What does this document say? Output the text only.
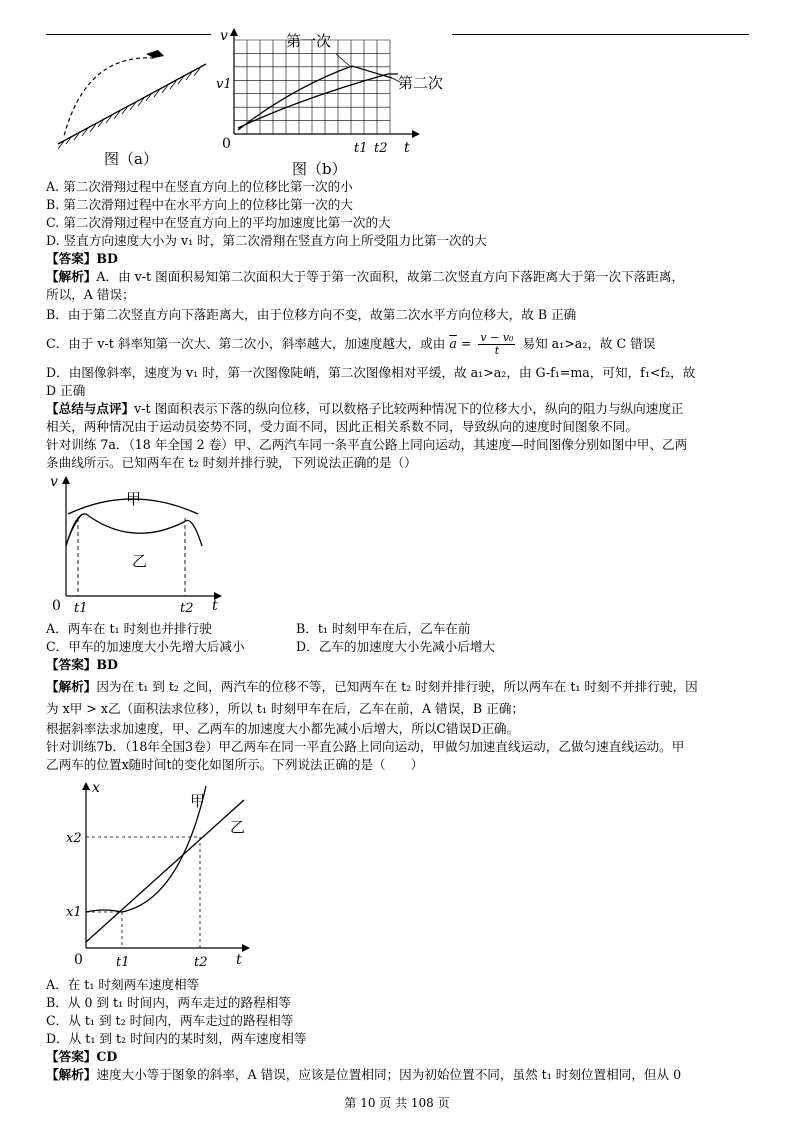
图（a）
v
v1
0	t1 t2 t
第一次
第二次
图（b）
A. 第二次滑翔过程中在竖直方向上的位移比第一次的小
B. 第二次滑翔过程中在水平方向上的位移比第一次的大
C. 第二次滑翔过程中在竖直方向上的平均加速度比第一次的大
D. 竖直方向速度大小为 v₁ 时，第二次滑翔在竖直方向上所受阻力比第一次的大
【答案】BD
【解析】A．由 v-t 图面积易知第二次面积大于等于第一次面积，故第二次竖直方向下落距离大于第一次下落距离，
所以，A 错误；
B．由于第二次竖直方向下落距离大，由于位移方向不变，故第二次水平方向位移大，故 B 正确
C．由于 v-t 斜率知第一次大、第二次小，斜率越大，加速度越大，或由 $\overline{a} = \frac{\text{v − v₀}}{t}$ 易知 a₁>a₂，故 C 错误
D．由图像斜率，速度为 v₁ 时，第一次图像陡峭，第二次图像相对平缓，故 a₁>a₂，由 G-f₁=ma，可知，f₁<f₂，故
D 正确
【总结与点评】v-t 图面积表示下落的纵向位移，可以数格子比较两种情况下的位移大小，纵向的阻力与纵向速度正
相关，两种情况由于运动员姿势不同，受力面不同，因此正相关系数不同，导致纵向的速度时间图象不同。
针对训练 7a．（18 年全国 2 卷）甲、乙两汽车同一条平直公路上同向运动，其速度—时间图像分别如图中甲、乙两
条曲线所示。已知两车在 t₂ 时刻并排行驶，下列说法正确的是（）
v
0 t1	t2 t
甲
乙
A．两车在 t₁ 时刻也并排行驶	B．t₁ 时刻甲车在后，乙车在前
C．甲车的加速度大小先增大后减小	D．乙车的加速度大小先减小后增大
【答案】BD
【解析】因为在 t₁ 到 t₂ 之间，两汽车的位移不等，已知两车在 t₂ 时刻并排行驶，所以两车在 t₁ 时刻不并排行驶，因
为 x甲 > x乙（面积法求位移），所以 t₁ 时刻甲车在后，乙车在前，A 错误，B 正确；
根据斜率法求加速度，甲、乙两车的加速度大小都先减小后增大，所以C错误D正确。
针对训练7b．（18年全国3卷）甲乙两车在同一平直公路上同向运动，甲做匀加速直线运动，乙做匀速直线运动。甲
乙两车的位置x随时间t的变化如图所示。下列说法正确的是（　　）
x
x2
x1
0	t1	t2 t
甲
乙
A．在 t₁ 时刻两车速度相等
B．从 0 到 t₁ 时间内，两车走过的路程相等
C．从 t₁ 到 t₂ 时间内，两车走过的路程相等
D．从 t₁ 到 t₂ 时间内的某时刻，两车速度相等
【答案】CD
【解析】速度大小等于图象的斜率，A 错误，应该是位置相同；因为初始位置不同，虽然 t₁ 时刻位置相同，但从 0
第 10 页 共 108 页
